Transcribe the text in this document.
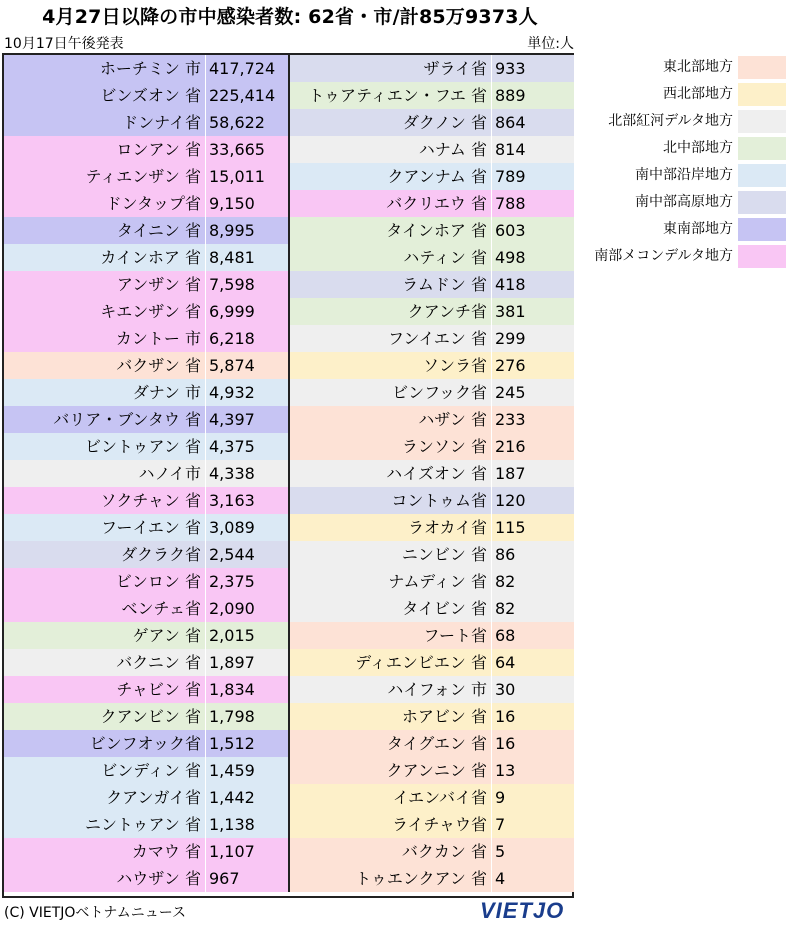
4月27日以降の市中感染者数: 62省・市/計85万9373人
10月17日午後発表	単位:人
ホーチミン 市 417,724
ビンズオン 省 225,414
ドンナイ省 58,622
ロンアン 省 33,665
ティエンザン 省 15,011
ドンタップ省 9,150
タイニン 省 8,995
カインホア 省 8,481
アンザン 省 7,598
キエンザン 省 6,999
カントー 市 6,218
バクザン 省 5,874
ダナン 市 4,932
バリア・ブンタウ 省 4,397
ビントゥアン 省 4,375
ハノイ市 4,338
ソクチャン 省 3,163
フーイエン 省 3,089
ダクラク省 2,544
ビンロン 省 2,375
ベンチェ省 2,090
ゲアン 省 2,015
バクニン 省 1,897
チャビン 省 1,834
クアンビン 省 1,798
ビンフオック省 1,512
ビンディン 省 1,459
クアンガイ省 1,442
ニントゥアン 省 1,138
カマウ 省 1,107
ハウザン 省 967
ザライ省 933
トゥアティエン・フエ 省 889
ダクノン 省 864
ハナム 省 814
クアンナム 省 789
バクリエウ 省 788
タインホア 省 603
ハティン 省 498
ラムドン 省 418
クアンチ省 381
フンイエン 省 299
ソンラ省 276
ビンフック省 245
ハザン 省 233
ランソン 省 216
ハイズオン 省 187
コントゥム省 120
ラオカイ省 115
ニンビン 省 86
ナムディン 省 82
タイビン 省 82
フート省 68
ディエンビエン 省 64
ハイフォン 市 30
ホアビン 省 16
タイグエン 省 16
クアンニン 省 13
イエンバイ省 9
ライチャウ省 7
バクカン 省 5
トゥエンクアン 省 4
東北部地方
西北部地方
北部紅河デルタ地方
北中部地方
南中部沿岸地方
南中部高原地方
東南部地方
南部メコンデルタ地方
(C) VIETJOベトナムニュース	VIETJO
